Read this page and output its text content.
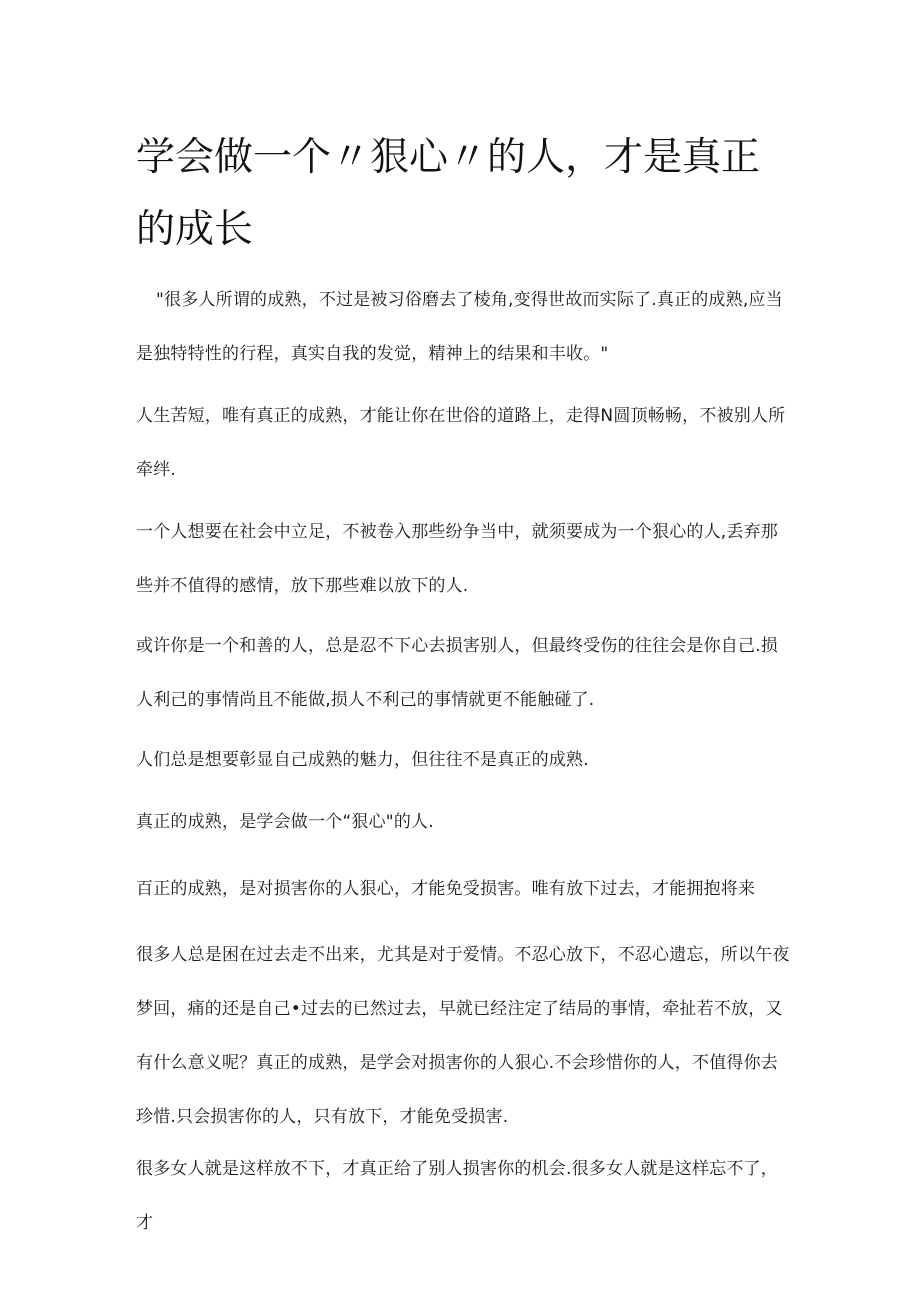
学会做一个〃狠心〃的人，才是真正的成长

"很多人所谓的成熟，不过是被习俗磨去了棱角,变得世故而实际了.真正的成熟,应当是独特特性的行程，真实自我的发觉，精神上的结果和丰收。"

人生苦短，唯有真正的成熟，才能让你在世俗的道路上，走得N圆顶畅畅，不被别人所牵绊.

一个人想要在社会中立足，不被卷入那些纷争当中，就须要成为一个狠心的人,丢弃那些并不值得的感情，放下那些难以放下的人.

或许你是一个和善的人，总是忍不下心去损害别人，但最终受伤的往往会是你自己.损人利己的事情尚且不能做,损人不利己的事情就更不能触碰了.

人们总是想要彰显自己成熟的魅力，但往往不是真正的成熟.

真正的成熟，是学会做一个“狠心"的人.

百正的成熟，是对损害你的人狠心，才能免受损害。唯有放下过去，才能拥抱将来

很多人总是困在过去走不出来，尤其是对于爱情。不忍心放下，不忍心遗忘，所以午夜梦回，痛的还是自己•过去的已然过去，早就已经注定了结局的事情，牵扯若不放，又有什么意义呢？真正的成熟，是学会对损害你的人狠心.不会珍惜你的人，不值得你去珍惜.只会损害你的人，只有放下，才能免受损害.

很多女人就是这样放不下，才真正给了别人损害你的机会.很多女人就是这样忘不了，才
